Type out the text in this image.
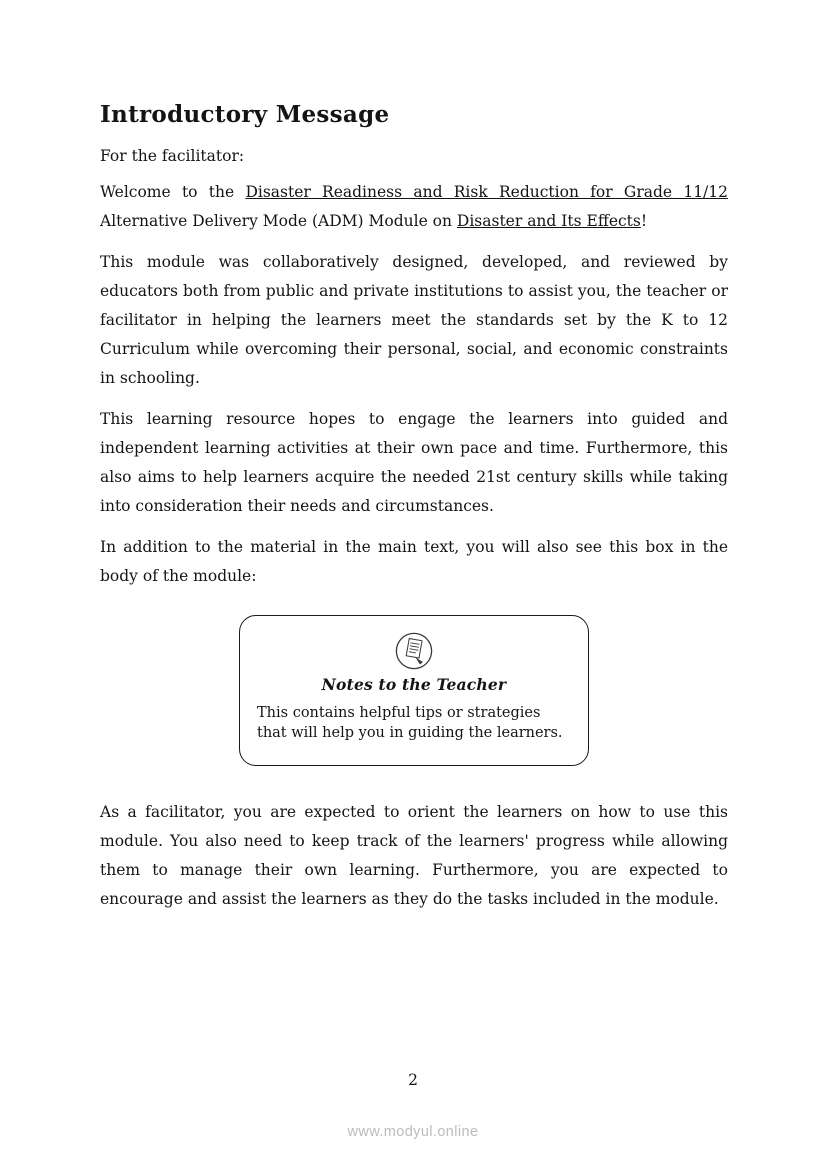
Introductory Message

For the facilitator:

Welcome to the Disaster Readiness and Risk Reduction for Grade 11/12 Alternative Delivery Mode (ADM) Module on Disaster and Its Effects!

This module was collaboratively designed, developed, and reviewed by educators both from public and private institutions to assist you, the teacher or facilitator in helping the learners meet the standards set by the K to 12 Curriculum while overcoming their personal, social, and economic constraints in schooling.

This learning resource hopes to engage the learners into guided and independent learning activities at their own pace and time. Furthermore, this also aims to help learners acquire the needed 21st century skills while taking into consideration their needs and circumstances.

In addition to the material in the main text, you will also see this box in the body of the module:

Notes to the Teacher
This contains helpful tips or strategies that will help you in guiding the learners.

As a facilitator, you are expected to orient the learners on how to use this module. You also need to keep track of the learners' progress while allowing them to manage their own learning. Furthermore, you are expected to encourage and assist the learners as they do the tasks included in the module.

2
www.modyul.online
